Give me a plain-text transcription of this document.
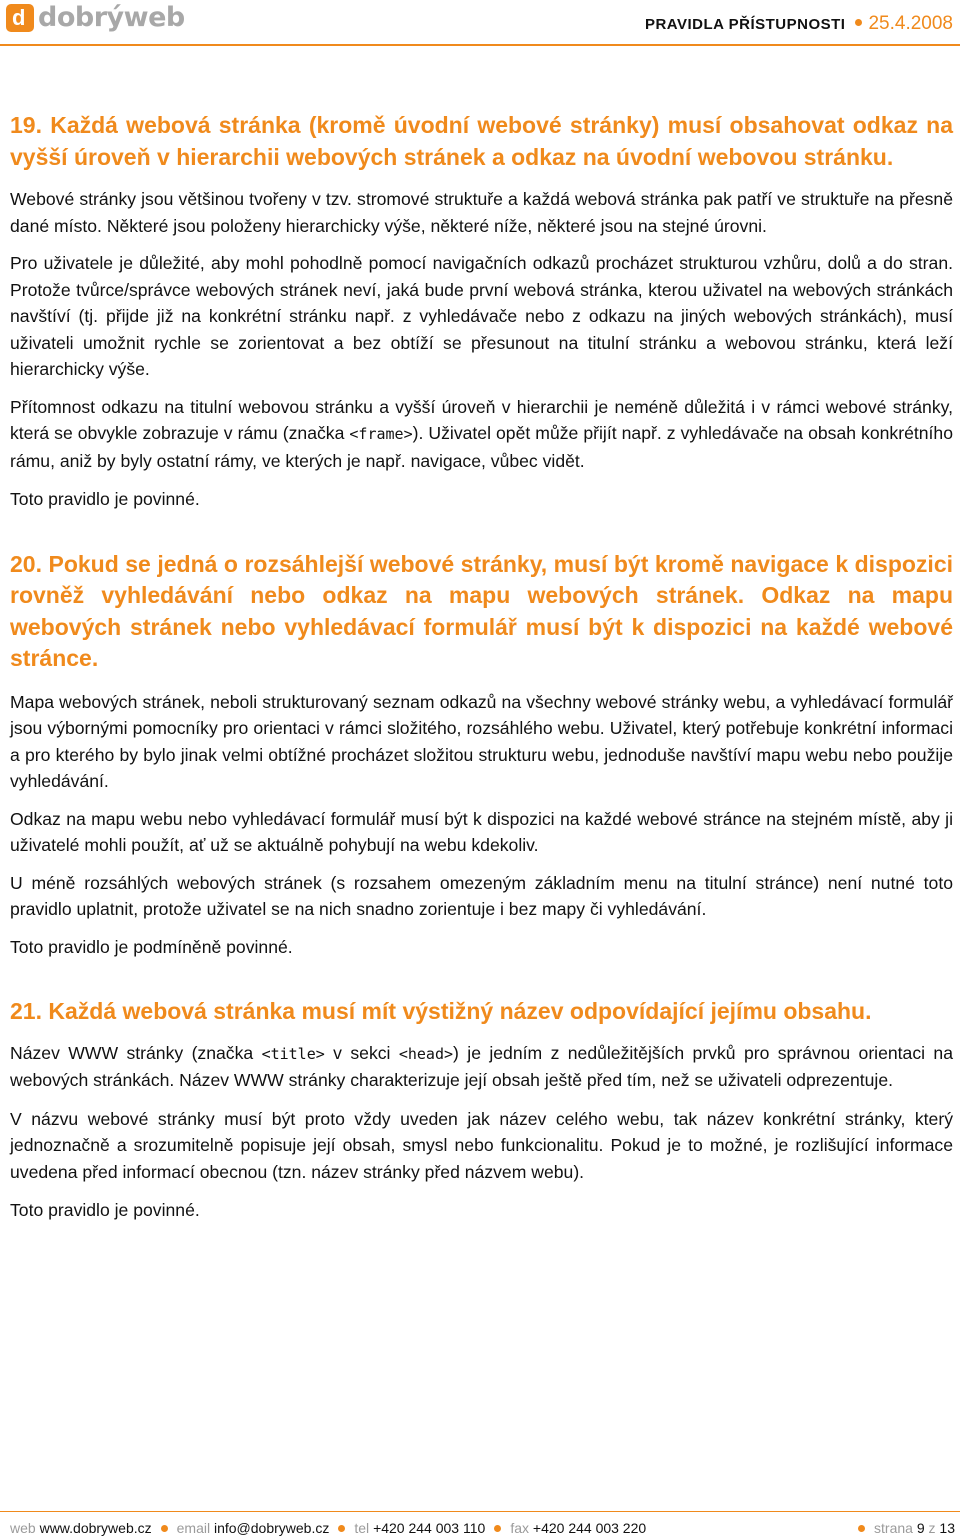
d dobrýweb	PRAVIDLA PŘÍSTUPNOSTI 25.4.2008
19. Každá webová stránka (kromě úvodní webové stránky) musí obsahovat odkaz na vyšší úroveň v hierarchii webových stránek a odkaz na úvodní webovou stránku.

Webové stránky jsou většinou tvořeny v tzv. stromové struktuře a každá webová stránka pak patří ve struktuře na přesně dané místo. Některé jsou položeny hierarchicky výše, některé níže, některé jsou na stejné úrovni.

Pro uživatele je důležité, aby mohl pohodlně pomocí navigačních odkazů procházet strukturou vzhůru, dolů a do stran. Protože tvůrce/správce webových stránek neví, jaká bude první webová stránka, kterou uživatel na webových stránkách navštíví (tj. přijde již na konkrétní stránku např. z vyhledávače nebo z odkazu na jiných webových stránkách), musí uživateli umožnit rychle se zorientovat a bez obtíží se přesunout na titulní stránku a webovou stránku, která leží hierarchicky výše.

Přítomnost odkazu na titulní webovou stránku a vyšší úroveň v hierarchii je neméně důležitá i v rámci webové stránky, která se obvykle zobrazuje v rámu (značka <frame>). Uživatel opět může přijít např. z vyhledávače na obsah konkrétního rámu, aniž by byly ostatní rámy, ve kterých je např. navigace, vůbec vidět.

Toto pravidlo je povinné.

20. Pokud se jedná o rozsáhlejší webové stránky, musí být kromě navigace k dispozici rovněž vyhledávání nebo odkaz na mapu webových stránek. Odkaz na mapu webových stránek nebo vyhledávací formulář musí být k dispozici na každé webové stránce.

Mapa webových stránek, neboli strukturovaný seznam odkazů na všechny webové stránky webu, a vyhledávací formulář jsou výbornými pomocníky pro orientaci v rámci složitého, rozsáhlého webu. Uživatel, který potřebuje konkrétní informaci a pro kterého by bylo jinak velmi obtížné procházet složitou strukturu webu, jednoduše navštíví mapu webu nebo použije vyhledávání.

Odkaz na mapu webu nebo vyhledávací formulář musí být k dispozici na každé webové stránce na stejném místě, aby ji uživatelé mohli použít, ať už se aktuálně pohybují na webu kdekoliv.

U méně rozsáhlých webových stránek (s rozsahem omezeným základním menu na titulní stránce) není nutné toto pravidlo uplatnit, protože uživatel se na nich snadno zorientuje i bez mapy či vyhledávání.

Toto pravidlo je podmíněně povinné.

21. Každá webová stránka musí mít výstižný název odpovídající jejímu obsahu.

Název WWW stránky (značka <title> v sekci <head>) je jedním z nedůležitějších prvků pro správnou orientaci na webových stránkách. Název WWW stránky charakterizuje její obsah ještě před tím, než se uživateli odprezentuje.

V názvu webové stránky musí být proto vždy uveden jak název celého webu, tak název konkrétní stránky, který jednoznačně a srozumitelně popisuje její obsah, smysl nebo funkcionalitu. Pokud je to možné, je rozlišující informace uvedena před informací obecnou (tzn. název stránky před názvem webu).

Toto pravidlo je povinné.

web www.dobryweb.cz email info@dobryweb.cz tel +420 244 003 110 fax +420 244 003 220	strana 9 z 13
